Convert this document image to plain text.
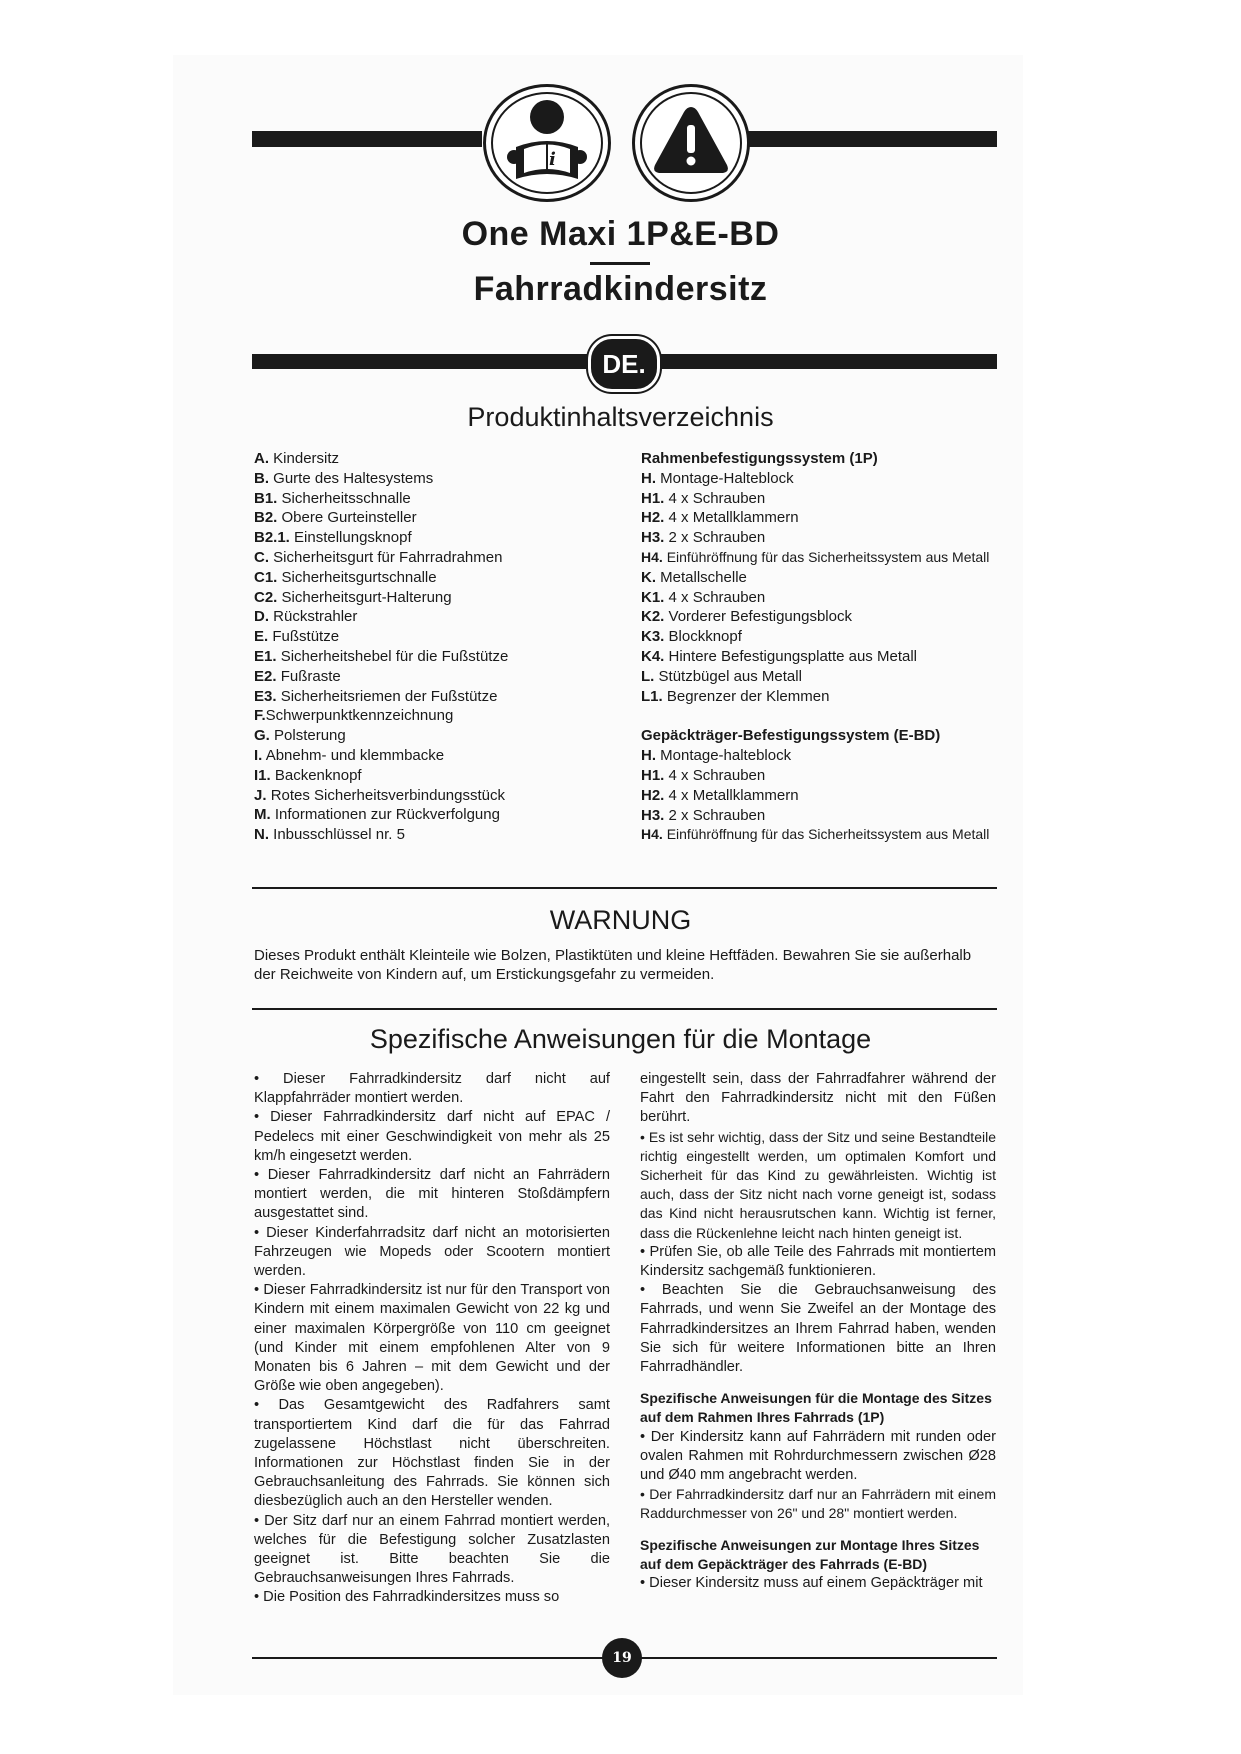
i
One Maxi 1P&E-BD
Fahrradkindersitz
DE.
Produktinhaltsverzeichnis
A. Kindersitz
B. Gurte des Haltesystems
B1. Sicherheitsschnalle
B2. Obere Gurteinsteller
B2.1. Einstellungsknopf
C. Sicherheitsgurt für Fahrradrahmen
C1. Sicherheitsgurtschnalle
C2. Sicherheitsgurt-Halterung
D. Rückstrahler
E. Fußstütze
E1. Sicherheitshebel für die Fußstütze
E2. Fußraste
E3. Sicherheitsriemen der Fußstütze
F.Schwerpunktkennzeichnung
G. Polsterung
I. Abnehm- und klemmbacke
I1. Backenknopf
J. Rotes Sicherheitsverbindungsstück
M. Informationen zur Rückverfolgung
N. Inbusschlüssel nr. 5
Rahmenbefestigungssystem (1P)
H. Montage-Halteblock
H1. 4 x Schrauben
H2. 4 x Metallklammern
H3. 2 x Schrauben
H4. Einführöffnung für das Sicherheitssystem aus Metall
K. Metallschelle
K1. 4 x Schrauben
K2. Vorderer Befestigungsblock
K3. Blockknopf
K4. Hintere Befestigungsplatte aus Metall
L. Stützbügel aus Metall
L1. Begrenzer der Klemmen
Gepäckträger-Befestigungssystem (E-BD)
H. Montage-halteblock
H1. 4 x Schrauben
H2. 4 x Metallklammern
H3. 2 x Schrauben
H4. Einführöffnung für das Sicherheitssystem aus Metall
WARNUNG
Dieses Produkt enthält Kleinteile wie Bolzen, Plastiktüten und kleine Heftfäden. Bewahren Sie sie außerhalb der Reichweite von Kindern auf, um Erstickungsgefahr zu vermeiden.
Spezifische Anweisungen für die Montage

• Dieser Fahrradkindersitz darf nicht auf Klappfahrräder montiert werden.

• Dieser Fahrradkindersitz darf nicht auf EPAC / Pedelecs mit einer Geschwindigkeit von mehr als 25 km/h eingesetzt werden.

• Dieser Fahrradkindersitz darf nicht an Fahrrädern montiert werden, die mit hinteren Stoßdämpfern ausgestattet sind.

• Dieser Kinderfahrradsitz darf nicht an motorisierten Fahrzeugen wie Mopeds oder Scootern montiert werden.

• Dieser Fahrradkindersitz ist nur für den Transport von Kindern mit einem maximalen Gewicht von 22 kg und einer maximalen Körpergröße von 110 cm geeignet (und Kinder mit einem empfohlenen Alter von 9 Monaten bis 6 Jahren – mit dem Gewicht und der Größe wie oben angegeben).

• Das Gesamtgewicht des Radfahrers samt transportiertem Kind darf die für das Fahrrad zugelassene Höchstlast nicht überschreiten. Informationen zur Höchstlast finden Sie in der Gebrauchsanleitung des Fahrrads. Sie können sich diesbezüglich auch an den Hersteller wenden.

• Der Sitz darf nur an einem Fahrrad montiert werden, welches für die Befestigung solcher Zusatzlasten geeignet ist. Bitte beachten Sie die Gebrauchsanweisungen Ihres Fahrrads.

• Die Position des Fahrradkindersitzes muss so

eingestellt sein, dass der Fahrradfahrer während der Fahrt den Fahrradkindersitz nicht mit den Füßen berührt.

• Es ist sehr wichtig, dass der Sitz und seine Bestandteile richtig eingestellt werden, um optimalen Komfort und Sicherheit für das Kind zu gewährleisten. Wichtig ist auch, dass der Sitz nicht nach vorne geneigt ist, sodass das Kind nicht herausrutschen kann. Wichtig ist ferner, dass die Rückenlehne leicht nach hinten geneigt ist.

• Prüfen Sie, ob alle Teile des Fahrrads mit montiertem Kindersitz sachgemäß funktionieren.

• Beachten Sie die Gebrauchsanweisung des Fahrrads, und wenn Sie Zweifel an der Montage des Fahrradkindersitzes an Ihrem Fahrrad haben, wenden Sie sich für weitere Informationen bitte an Ihren Fahrradhändler.

Spezifische Anweisungen für die Montage des Sitzes auf dem Rahmen Ihres Fahrrads (1P)

• Der Kindersitz kann auf Fahrrädern mit runden oder ovalen Rahmen mit Rohrdurchmessern zwischen Ø28 und Ø40 mm angebracht werden.

• Der Fahrradkindersitz darf nur an Fahrrädern mit einem Raddurchmesser von 26" und 28" montiert werden.

Spezifische Anweisungen zur Montage Ihres Sitzes auf dem Gepäckträger des Fahrrads (E-BD)

• Dieser Kindersitz muss auf einem Gepäckträger mit

19
